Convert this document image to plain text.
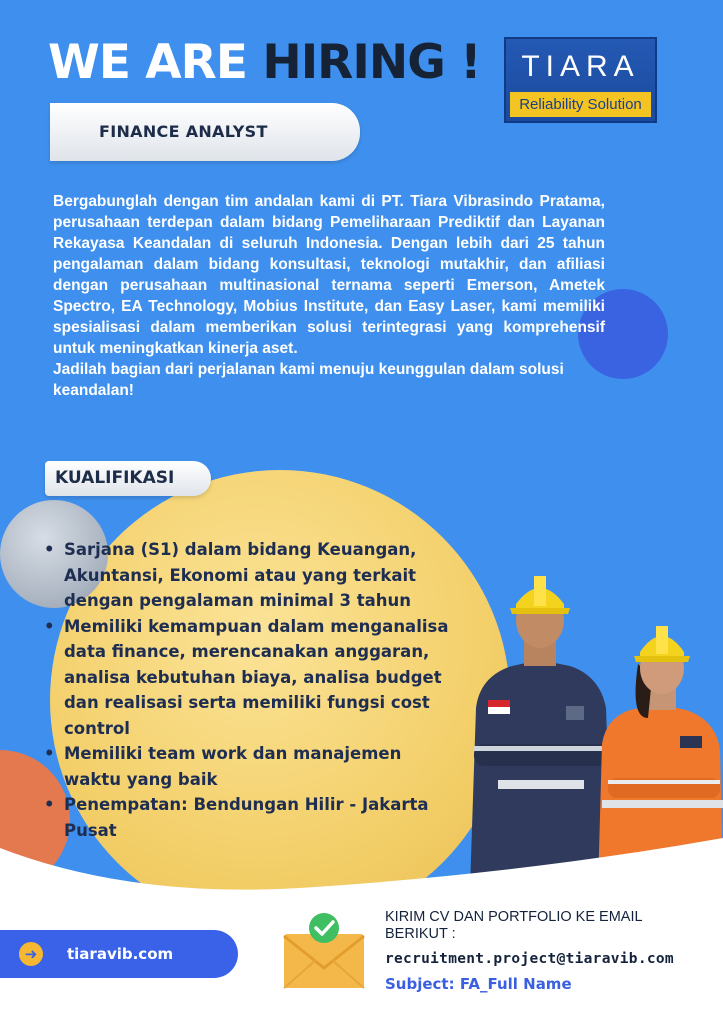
WE ARE HIRING !	TIARA
Reliability Solution
FINANCE ANALYST

Bergabunglah dengan tim andalan kami di PT. Tiara Vibrasindo Pratama, perusahaan terdepan dalam bidang Pemeliharaan Prediktif dan Layanan Rekayasa Keandalan di seluruh Indonesia. Dengan lebih dari 25 tahun pengalaman dalam bidang konsultasi, teknologi mutakhir, dan afiliasi dengan perusahaan multinasional ternama seperti Emerson, Ametek Spectro, EA Technology, Mobius Institute, dan Easy Laser, kami memiliki spesialisasi dalam memberikan solusi terintegrasi yang komprehensif untuk meningkatkan kinerja aset.

Jadilah bagian dari perjalanan kami menuju keunggulan dalam solusi keandalan!

KUALIFIKASI
• Sarjana (S1) dalam bidang Keuangan, Akuntansi, Ekonomi atau yang terkait dengan pengalaman minimal 3 tahun
• Memiliki kemampuan dalam menganalisa data finance, merencanakan anggaran, analisa kebutuhan biaya, analisa budget dan realisasi serta memiliki fungsi cost control
• Memiliki team work dan manajemen waktu yang baik
• Penempatan: Bendungan Hilir - Jakarta Pusat
➜	tiaravib.com
KIRIM CV DAN PORTFOLIO KE EMAIL BERIKUT :
recruitment.project@tiaravib.com
Subject: FA_Full Name
